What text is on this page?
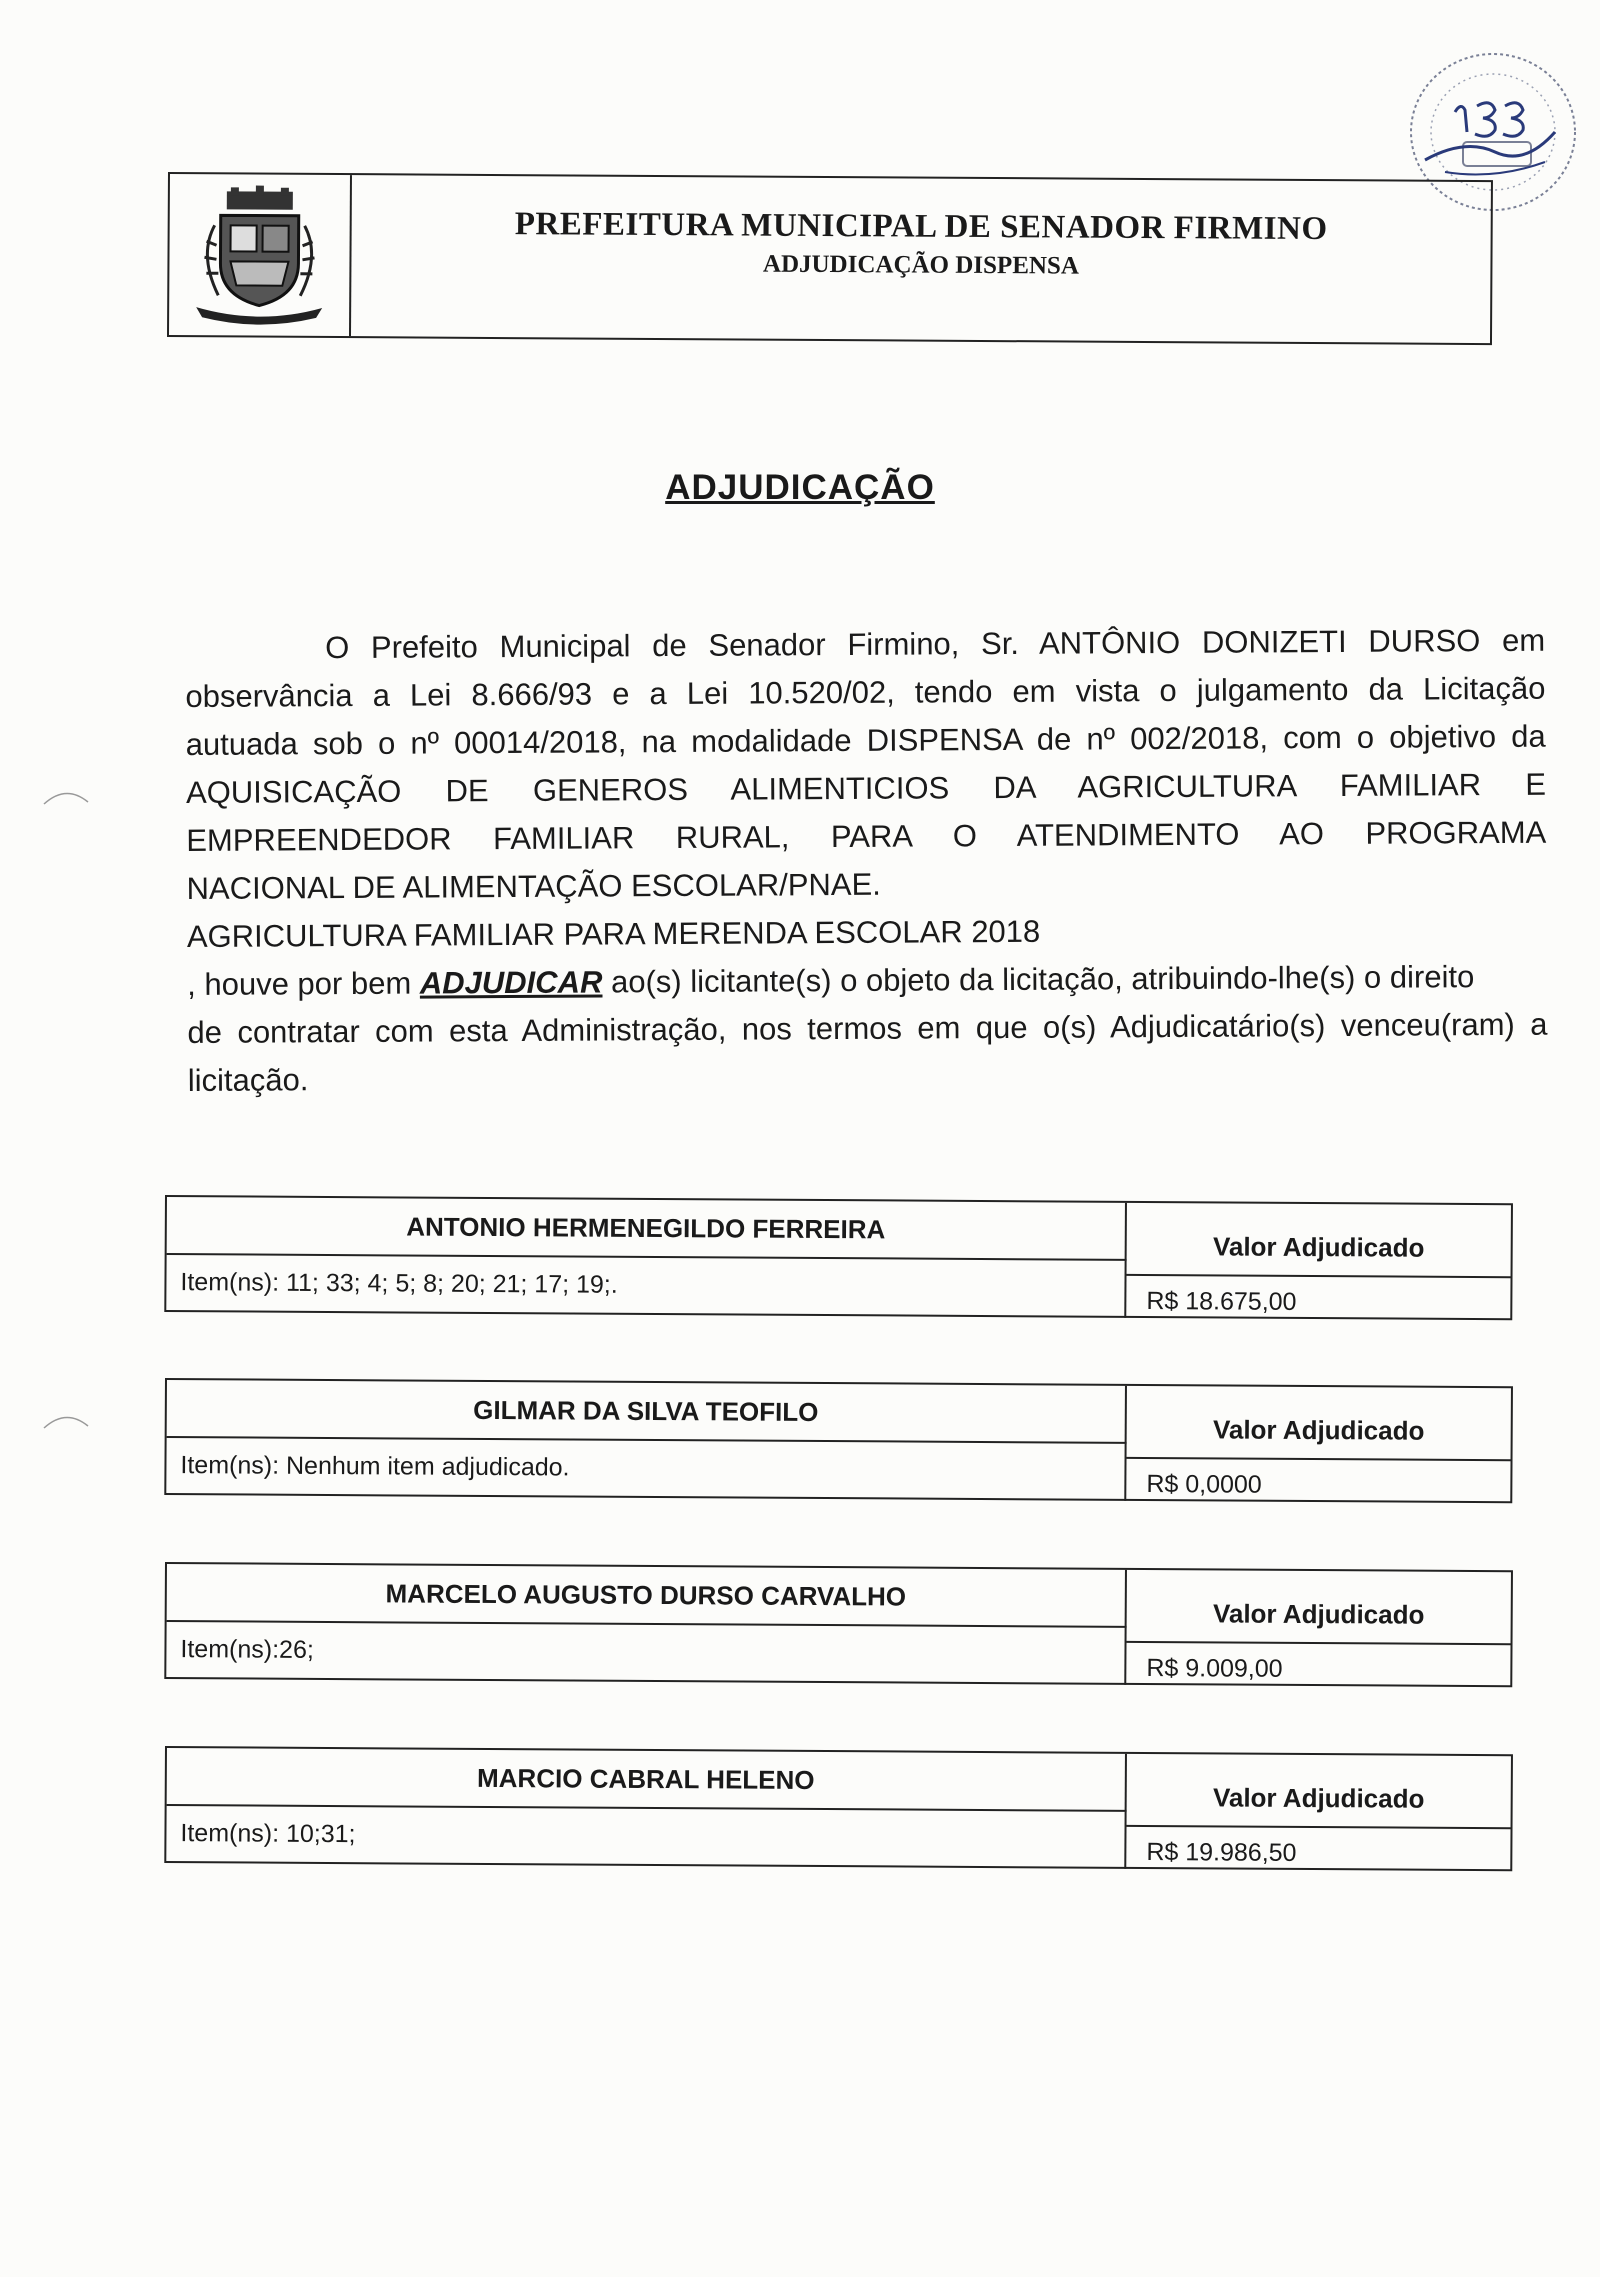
PREFEITURA MUNICIPAL DE SENADOR FIRMINO
ADJUDICAÇÃO DISPENSA
ADJUDICAÇÃO
O Prefeito Municipal de Senador Firmino, Sr. ANTÔNIO DONIZETI DURSO em
observância a Lei 8.666/93 e a Lei 10.520/02, tendo em vista o julgamento da Licitação
autuada sob o nº 00014/2018, na modalidade DISPENSA de nº 002/2018, com o objetivo da
AQUISICAÇÃO DE GENEROS ALIMENTICIOS DA AGRICULTURA FAMILIAR E
EMPREENDEDOR FAMILIAR RURAL, PARA O ATENDIMENTO AO PROGRAMA
NACIONAL DE ALIMENTAÇÃO ESCOLAR/PNAE.
AGRICULTURA FAMILIAR PARA MERENDA ESCOLAR 2018
, houve por bem ADJUDICAR ao(s) licitante(s) o objeto da licitação, atribuindo-lhe(s) o direito
de contratar com esta Administração, nos termos em que o(s) Adjudicatário(s) venceu(ram) a
licitação.
ANTONIO HERMENEGILDO FERREIRA
Item(ns): 11; 33; 4; 5; 8; 20; 21; 17; 19;.
Valor Adjudicado
R$ 18.675,00
GILMAR DA SILVA TEOFILO
Item(ns): Nenhum item adjudicado.
Valor Adjudicado
R$ 0,0000
MARCELO AUGUSTO DURSO CARVALHO
Item(ns):26;
Valor Adjudicado
R$ 9.009,00
MARCIO CABRAL HELENO
Item(ns): 10;31;
Valor Adjudicado
R$ 19.986,50
